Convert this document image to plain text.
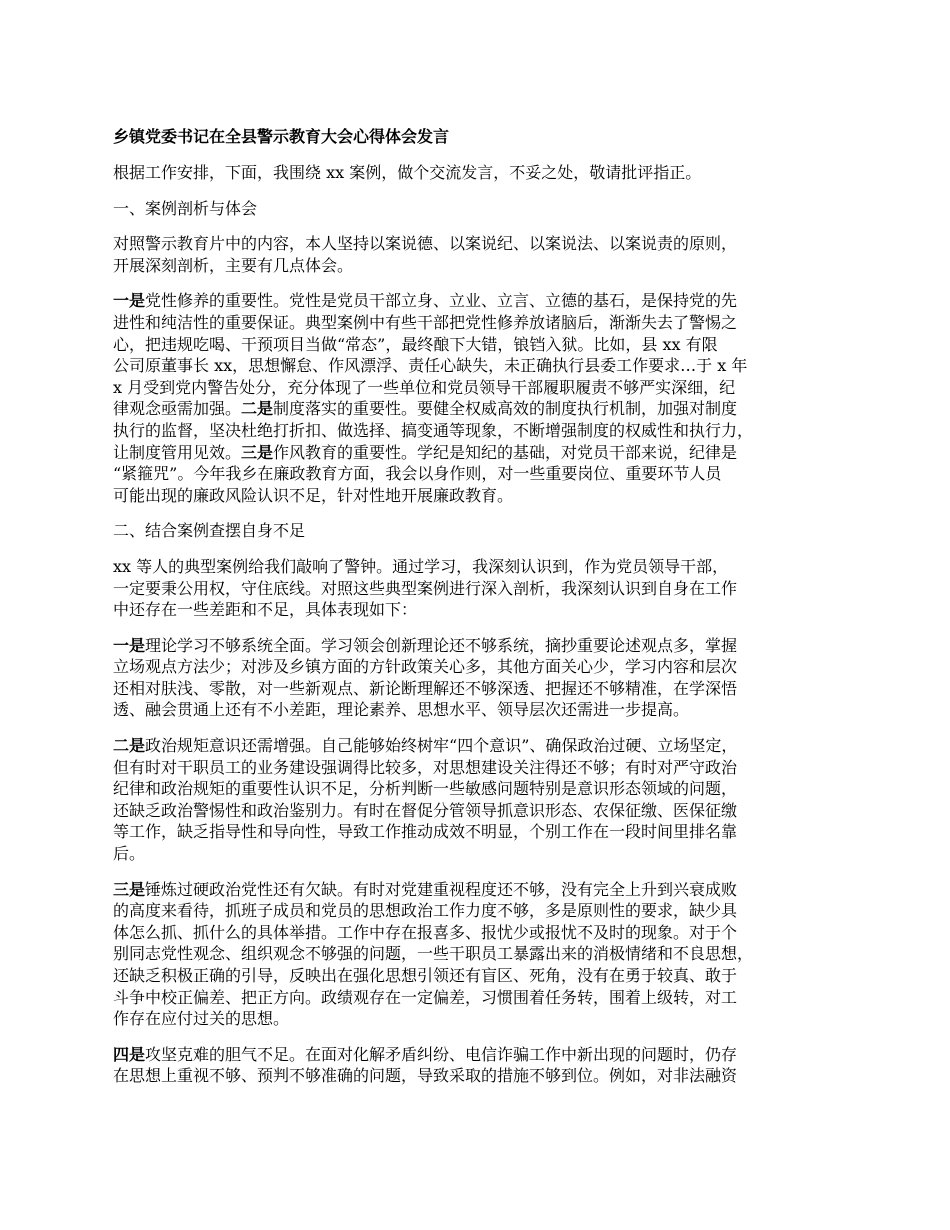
乡镇党委书记在全县警示教育大会心得体会发言
根据工作安排，下面，我围绕 xx 案例，做个交流发言，不妥之处，敬请批评指正。
一、案例剖析与体会
对照警示教育片中的内容，本人坚持以案说德、以案说纪、以案说法、以案说责的原则，
开展深刻剖析，主要有几点体会。
一是党性修养的重要性。党性是党员干部立身、立业、立言、立德的基石，是保持党的先
进性和纯洁性的重要保证。典型案例中有些干部把党性修养放诸脑后，渐渐失去了警惕之
心，把违规吃喝、干预项目当做“常态”，最终酿下大错，锒铛入狱。比如，县 xx 有限
公司原董事长 xx，思想懈怠、作风漂浮、责任心缺失，未正确执行县委工作要求…于 x 年
x 月受到党内警告处分，充分体现了一些单位和党员领导干部履职履责不够严实深细，纪
律观念亟需加强。二是制度落实的重要性。要健全权威高效的制度执行机制，加强对制度
执行的监督，坚决杜绝打折扣、做选择、搞变通等现象，不断增强制度的权威性和执行力，
让制度管用见效。三是作风教育的重要性。学纪是知纪的基础，对党员干部来说，纪律是
“紧箍咒”。今年我乡在廉政教育方面，我会以身作则，对一些重要岗位、重要环节人员
可能出现的廉政风险认识不足，针对性地开展廉政教育。
二、结合案例查摆自身不足
xx 等人的典型案例给我们敲响了警钟。通过学习，我深刻认识到，作为党员领导干部，
一定要秉公用权，守住底线。对照这些典型案例进行深入剖析，我深刻认识到自身在工作
中还存在一些差距和不足，具体表现如下：
一是理论学习不够系统全面。学习领会创新理论还不够系统，摘抄重要论述观点多，掌握
立场观点方法少；对涉及乡镇方面的方针政策关心多，其他方面关心少，学习内容和层次
还相对肤浅、零散，对一些新观点、新论断理解还不够深透、把握还不够精准，在学深悟
透、融会贯通上还有不小差距，理论素养、思想水平、领导层次还需进一步提高。
二是政治规矩意识还需增强。自己能够始终树牢“四个意识”、确保政治过硬、立场坚定，
但有时对干职员工的业务建设强调得比较多，对思想建设关注得还不够；有时对严守政治
纪律和政治规矩的重要性认识不足，分析判断一些敏感问题特别是意识形态领域的问题，
还缺乏政治警惕性和政治鉴别力。有时在督促分管领导抓意识形态、农保征缴、医保征缴
等工作，缺乏指导性和导向性，导致工作推动成效不明显，个别工作在一段时间里排名靠
后。
三是锤炼过硬政治党性还有欠缺。有时对党建重视程度还不够，没有完全上升到兴衰成败
的高度来看待，抓班子成员和党员的思想政治工作力度不够，多是原则性的要求，缺少具
体怎么抓、抓什么的具体举措。工作中存在报喜多、报忧少或报忧不及时的现象。对于个
别同志党性观念、组织观念不够强的问题，一些干职员工暴露出来的消极情绪和不良思想，
还缺乏积极正确的引导，反映出在强化思想引领还有盲区、死角，没有在勇于较真、敢于
斗争中校正偏差、把正方向。政绩观存在一定偏差，习惯围着任务转，围着上级转，对工
作存在应付过关的思想。
四是攻坚克难的胆气不足。在面对化解矛盾纠纷、电信诈骗工作中新出现的问题时，仍存
在思想上重视不够、预判不够准确的问题，导致采取的措施不够到位。例如，对非法融资
